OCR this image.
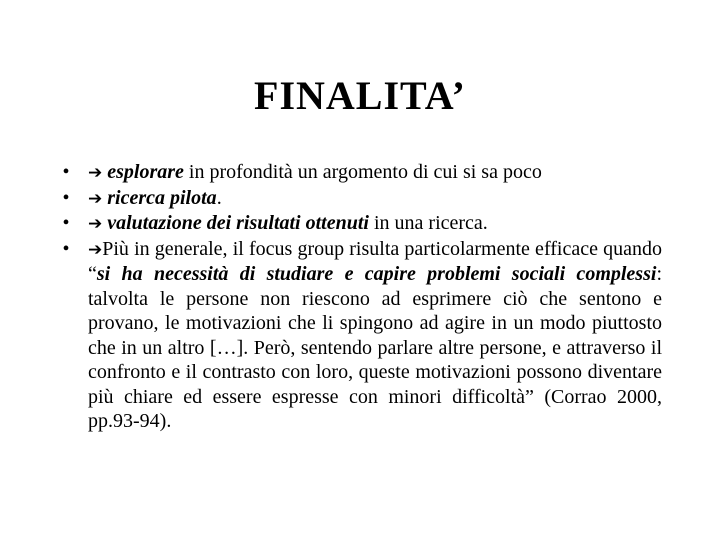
FINALITA’
• ➔ esplorare in profondità un argomento di cui si sa poco
• ➔ ricerca pilota.
• ➔ valutazione dei risultati ottenuti in una ricerca.
• ➔Più in generale, il focus group risulta particolarmente efficace quando “si ha necessità di studiare e capire problemi sociali complessi: talvolta le persone non riescono ad esprimere ciò che sentono e provano, le motivazioni che li spingono ad agire in un modo piuttosto che in un altro […]. Però, sentendo parlare altre persone, e attraverso il confronto e il contrasto con loro, queste motivazioni possono diventare più chiare ed essere espresse con minori difficoltà” (Corrao 2000, pp.93-94).
